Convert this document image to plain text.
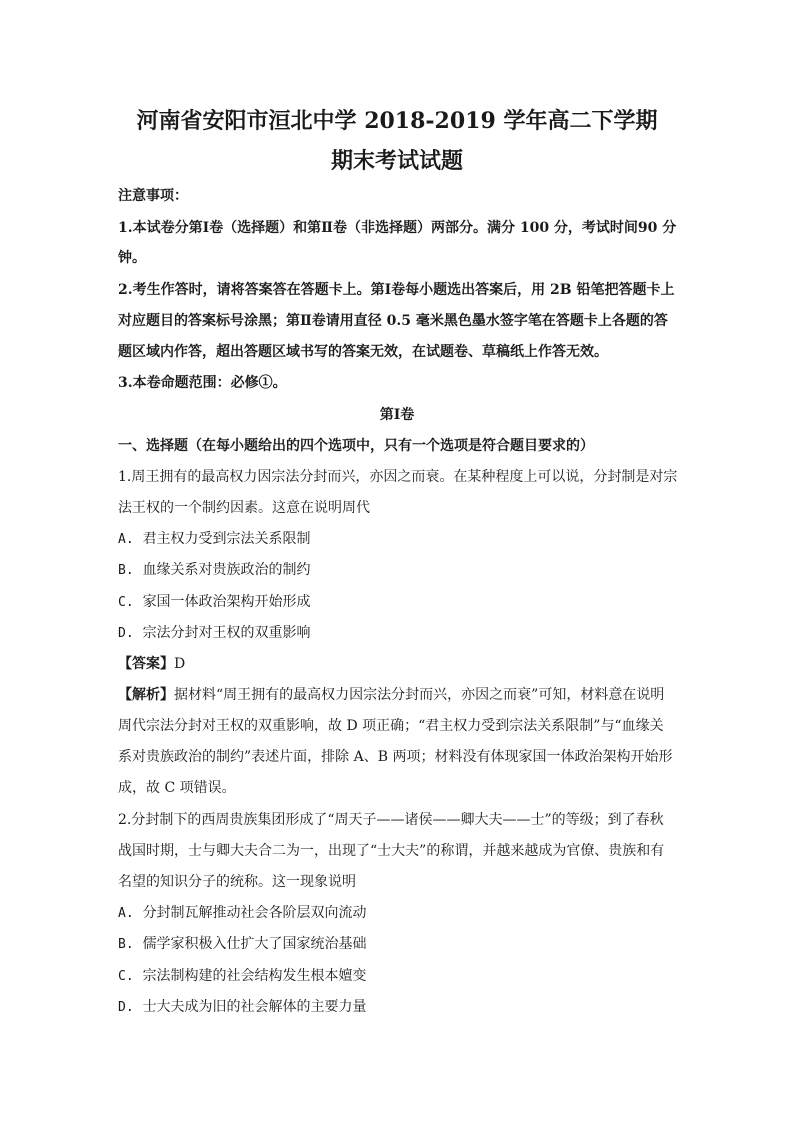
河南省安阳市洹北中学 2018-2019 学年高二下学期
期末考试试题
注意事项：
1.本试卷分第Ⅰ卷（选择题）和第Ⅱ卷（非选择题）两部分。满分 100 分，考试时间90 分
钟。
2.考生作答时，请将答案答在答题卡上。第Ⅰ卷每小题选出答案后，用 2B 铅笔把答题卡上
对应题目的答案标号涂黑；第Ⅱ卷请用直径 0.5 毫米黑色墨水签字笔在答题卡上各题的答
题区域内作答，超出答题区域书写的答案无效，在试题卷、草稿纸上作答无效。
3.本卷命题范围：必修①。
第Ⅰ卷
一、选择题（在每小题给出的四个选项中，只有一个选项是符合题目要求的）
1.周王拥有的最高权力因宗法分封而兴，亦因之而衰。在某种程度上可以说，分封制是对宗
法王权的一个制约因素。这意在说明周代
A. 君主权力受到宗法关系限制
B. 血缘关系对贵族政治的制约
C. 家国一体政治架构开始形成
D. 宗法分封对王权的双重影响
【答案】D
【解析】据材料“周王拥有的最高权力因宗法分封而兴，亦因之而衰”可知，材料意在说明
周代宗法分封对王权的双重影响，故 D 项正确；“君主权力受到宗法关系限制”与“血缘关
系对贵族政治的制约”表述片面，排除 A、B 两项；材料没有体现家国一体政治架构开始形
成，故 C 项错误。
2.分封制下的西周贵族集团形成了“周天子——诸侯——卿大夫——士”的等级；到了春秋
战国时期，士与卿大夫合二为一，出现了“士大夫”的称谓，并越来越成为官僚、贵族和有
名望的知识分子的统称。这一现象说明
A. 分封制瓦解推动社会各阶层双向流动
B. 儒学家积极入仕扩大了国家统治基础
C. 宗法制构建的社会结构发生根本嬗变
D. 士大夫成为旧的社会解体的主要力量
